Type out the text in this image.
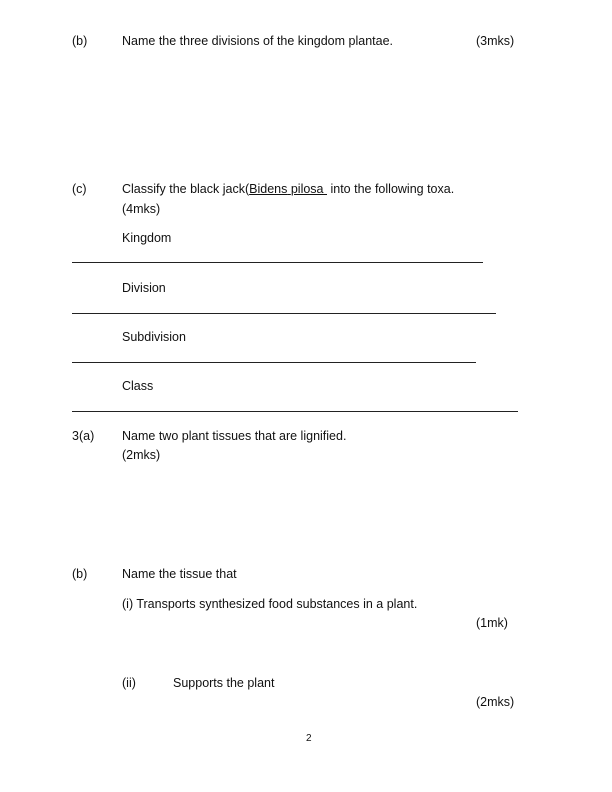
(b)	Name the three divisions of the kingdom plantae.	(3mks)
(c)	Classify the black jack(Bidens pilosa into the following toxa.
(4mks)
Kingdom
Division
Subdivision
Class
3(a) Name two plant tissues that are lignified.
(2mks)
(b)	Name the tissue that
(i) Transports synthesized food substances in a plant.
(1mk)
(ii)	Supports the plant
(2mks)
2
